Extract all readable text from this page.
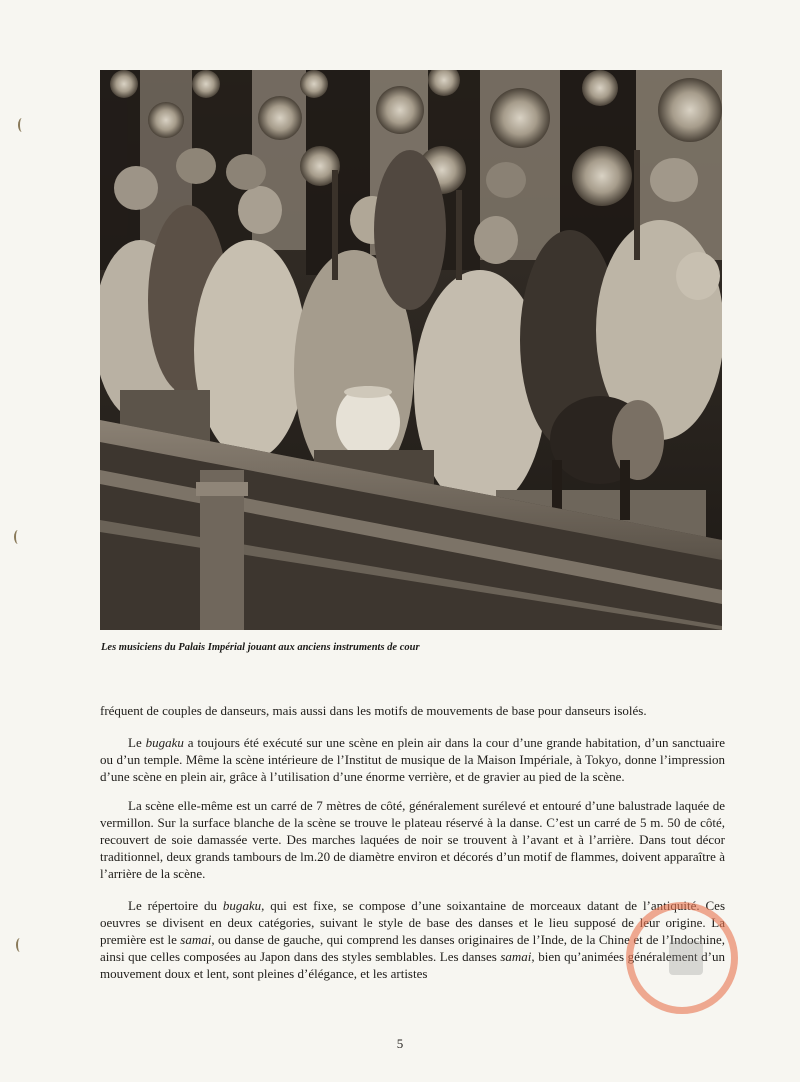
Les musiciens du Palais Impérial jouant aux anciens instruments de cour

fréquent de couples de danseurs, mais aussi dans les motifs de mouvements de base pour danseurs isolés.

Le bugaku a toujours été exécuté sur une scène en plein air dans la cour d’une grande habitation, d’un sanctuaire ou d’un temple. Même la scène intérieure de l’Institut de musique de la Maison Impériale, à Tokyo, donne l’impression d’une scène en plein air, grâce à l’utilisation d’une énorme verrière, et de gravier au pied de la scène.

La scène elle-même est un carré de 7 mètres de côté, généralement surélevé et entouré d’une balustrade laquée de vermillon. Sur la surface blanche de la scène se trouve le plateau réservé à la danse. C’est un carré de 5 m. 50 de côté, recouvert de soie damassée verte. Des marches laquées de noir se trouvent à l’avant et à l’arrière. Dans tout décor traditionnel, deux grands tambours de lm.20 de diamètre environ et décorés d’un motif de flammes, doivent apparaître à l’arrière de la scène.

Le répertoire du bugaku, qui est fixe, se compose d’une soixantaine de morceaux datant de l’antiquité. Ces oeuvres se divisent en deux catégories, suivant le style de base des danses et le lieu supposé de leur origine. La première est le samai, ou danse de gauche, qui comprend les danses originaires de l’Inde, de la Chine et de l’Indochine, ainsi que celles composées au Japon dans des styles semblables. Les danses samai, bien qu’animées généralement d’un mouvement doux et lent, sont pleines d’élégance, et les artistes

5
